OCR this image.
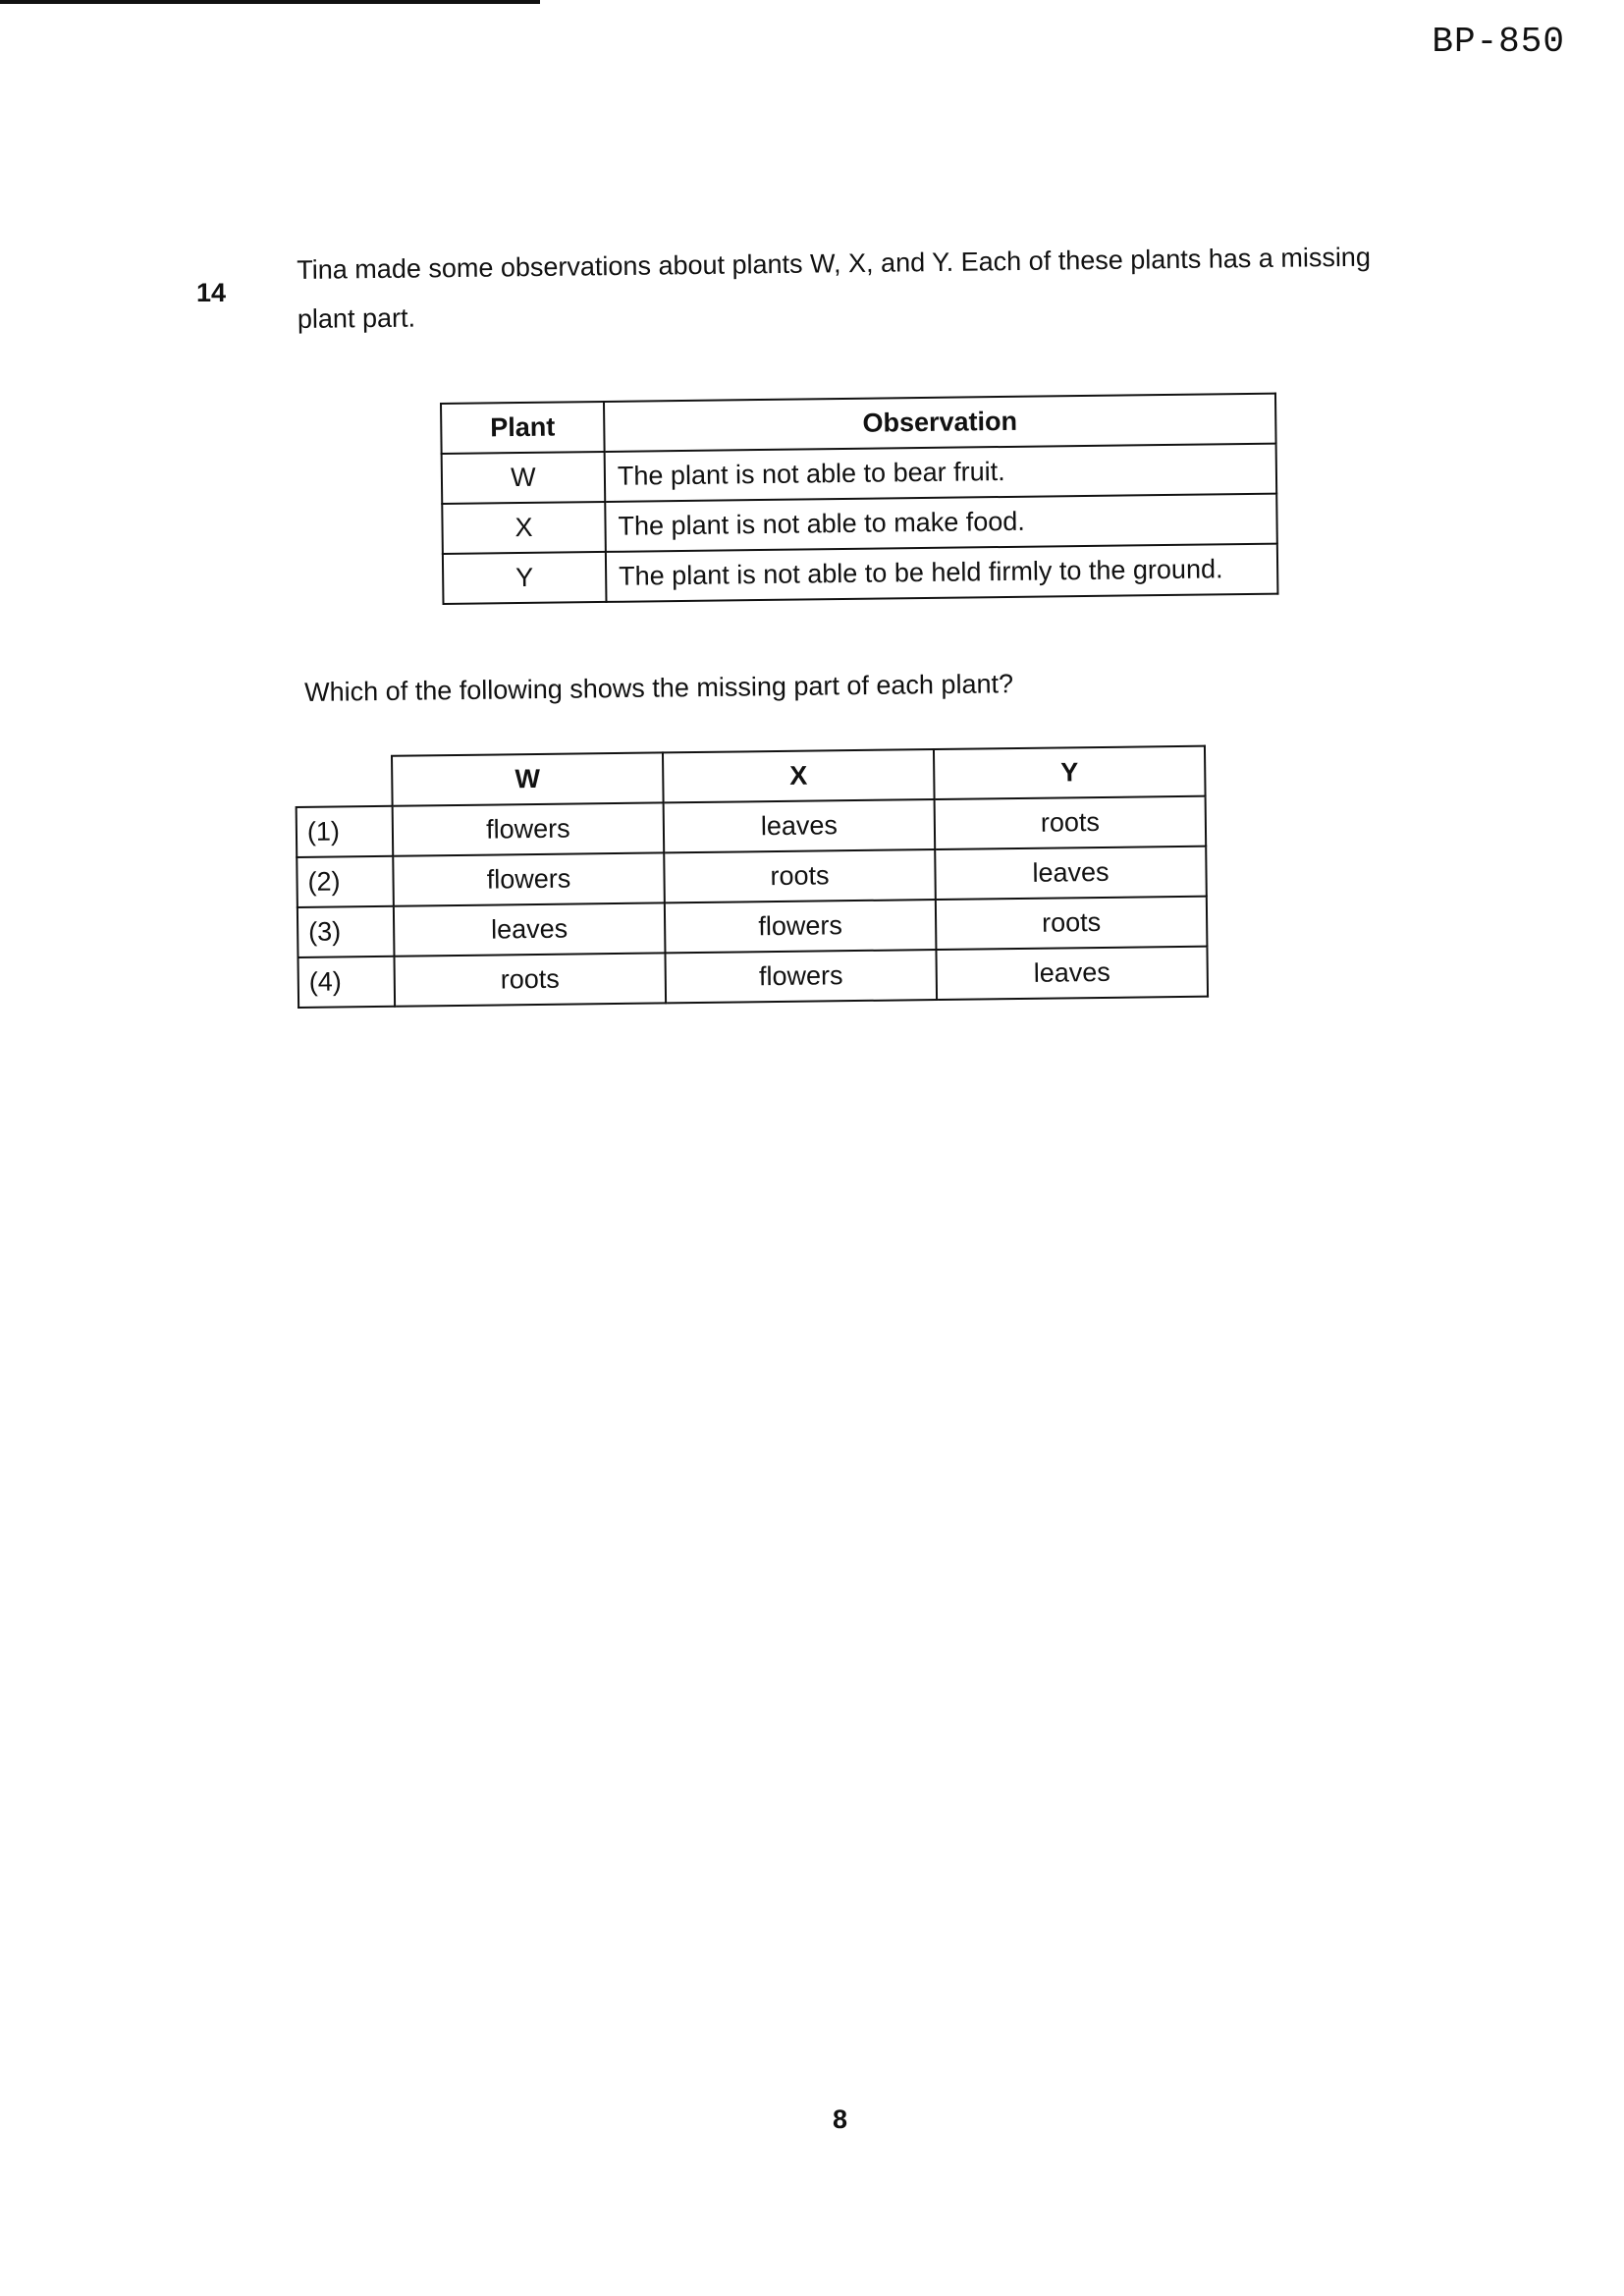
BP-850
14
Tina made some observations about plants W, X, and Y. Each of these plants has a missing plant part.
Plant	Observation
W	The plant is not able to bear fruit.
X	The plant is not able to make food.
Y	The plant is not able to be held firmly to the ground.
Which of the following shows the missing part of each plant?
	W	X	Y
(1)	flowers	leaves	roots
(2)	flowers	roots	leaves
(3)	leaves	flowers	roots
(4)	roots	flowers	leaves
8
